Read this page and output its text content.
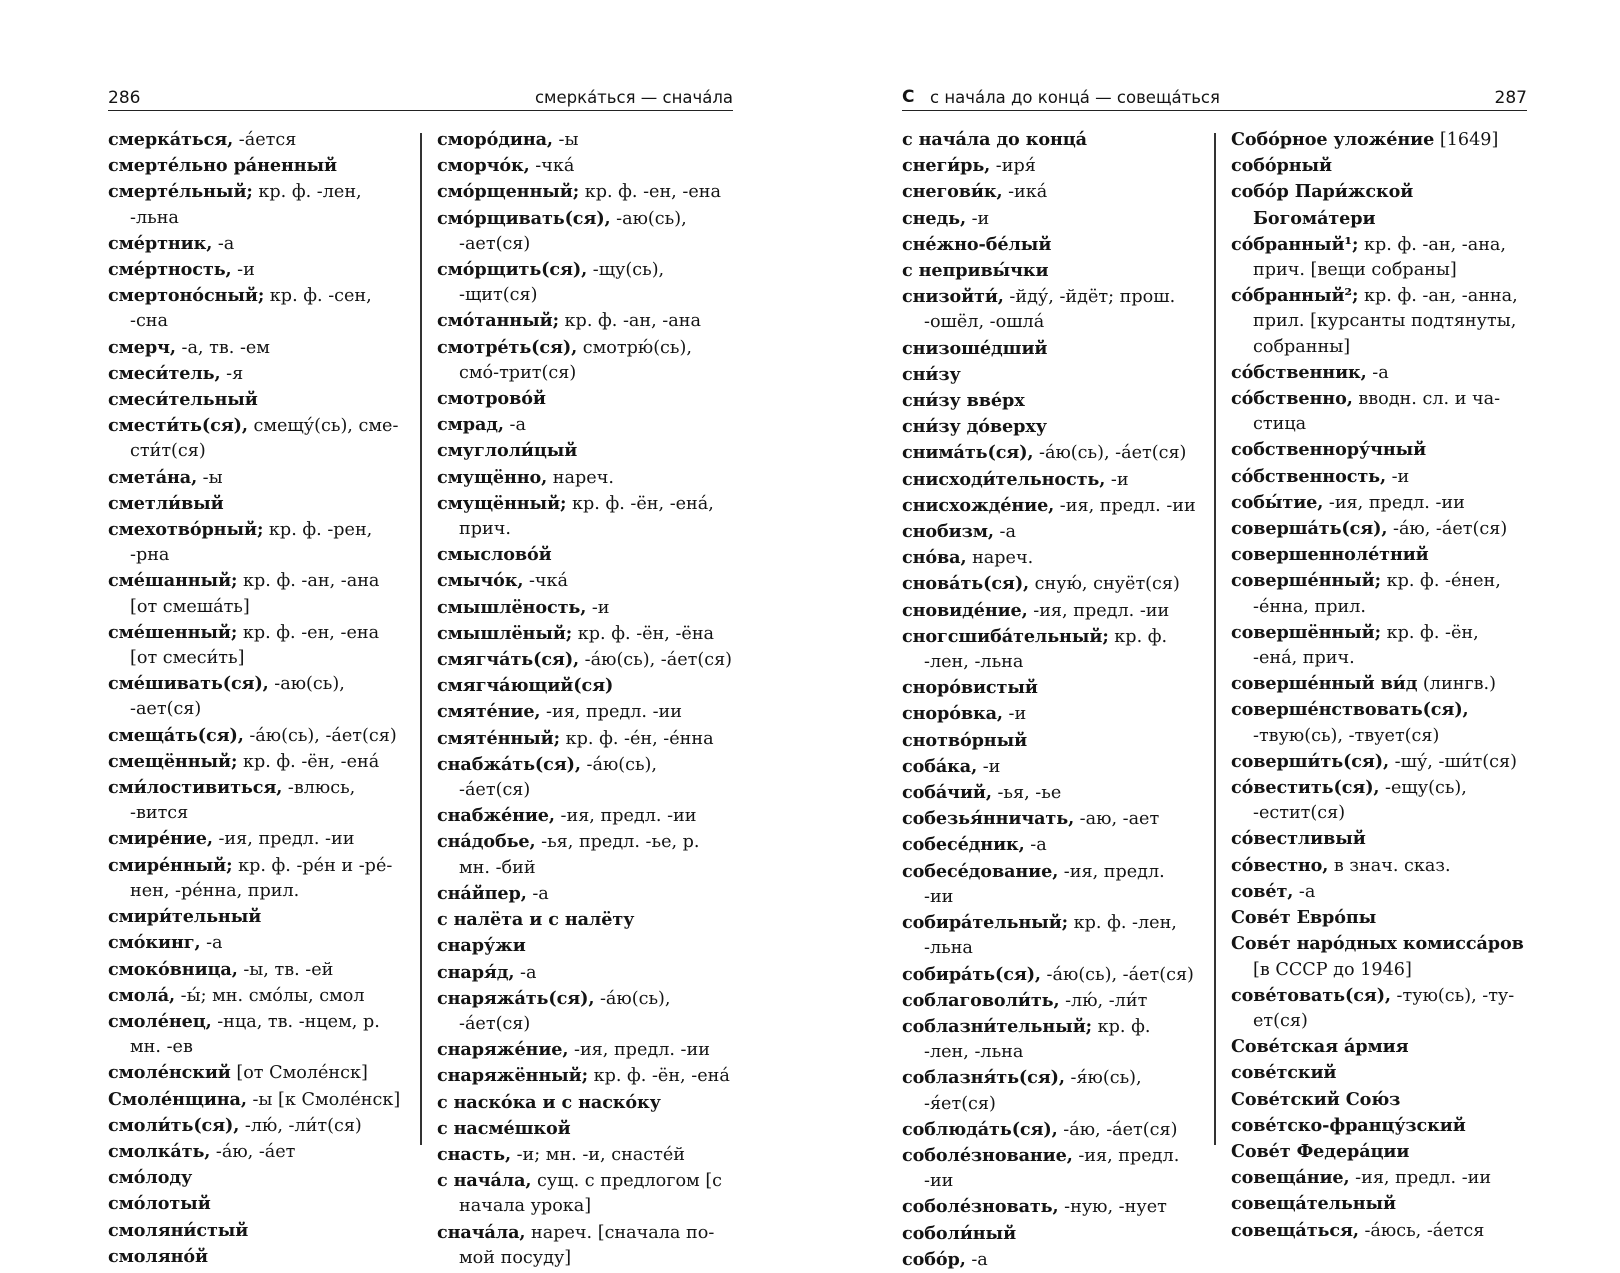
286	смерка́ться — снача́ла
смерка́ться, -а́ется
смерте́льно ра́ненный
смерте́льный; кр. ф. -лен, -льна
сме́ртник, -а
сме́ртность, -и
смертоно́сный; кр. ф. -сен, -сна
смерч, -а, тв. -ем
смеси́тель, -я
смеси́тельный
смести́ть(ся), смещу́(сь), сме-сти́т(ся)
смета́на, -ы
сметли́вый
смехотво́рный; кр. ф. -рен, -рна
сме́шанный; кр. ф. -ан, -ана [от смеша́ть]
сме́шенный; кр. ф. -ен, -ена [от смеси́ть]
сме́шивать(ся), -аю(сь), -ает(ся)
смеща́ть(ся), -а́ю(сь), -а́ет(ся)
смещённый; кр. ф. -ён, -ена́
сми́лостивиться, -влюсь, -вится
смире́ние, -ия, предл. -ии
смире́нный; кр. ф. -ре́н и -ре́-нен, -ре́нна, прил.
смири́тельный
смо́кинг, -а
смоко́вница, -ы, тв. -ей
смола́, -ы́; мн. смо́лы, смол
смоле́нец, -нца, тв. -нцем, р. мн. -ев
смоле́нский [от Смоле́нск]
Смоле́нщина, -ы [к Смоле́нск]
смоли́ть(ся), -лю́, -ли́т(ся)
смолка́ть, -а́ю, -а́ет
смо́лоду
смо́лотый
смоляни́стый
смоляно́й
сморо́дина, -ы
сморчо́к, -чка́
смо́рщенный; кр. ф. -ен, -ена
смо́рщивать(ся), -аю(сь), -ает(ся)
смо́рщить(ся), -щу(сь), -щит(ся)
смо́танный; кр. ф. -ан, -ана
смотре́ть(ся), смотрю́(сь), смо́-трит(ся)
смотрово́й
смрад, -а
смуглоли́цый
смущённо, нареч.
смущённый; кр. ф. -ён, -ена́, прич.
смыслово́й
смычо́к, -чка́
смышлёность, -и
смышлёный; кр. ф. -ён, -ёна
смягча́ть(ся), -а́ю(сь), -а́ет(ся)
смягча́ющий(ся)
смяте́ние, -ия, предл. -ии
смяте́нный; кр. ф. -е́н, -е́нна
снабжа́ть(ся), -а́ю(сь), -а́ет(ся)
снабже́ние, -ия, предл. -ии
сна́добье, -ья, предл. -ье, р. мн. -бий
сна́йпер, -а
с налёта и с налёту
снару́жи
снаря́д, -а
снаряжа́ть(ся), -а́ю(сь), -а́ет(ся)
снаряже́ние, -ия, предл. -ии
снаряжённый; кр. ф. -ён, -ена́
с наско́ка и с наско́ку
с насме́шкой
снасть, -и; мн. -и, снасте́й
с нача́ла, сущ. с предлогом [с начала урока]
снача́ла, нареч. [сначала по-мой посуду]
С с нача́ла до конца́ — совеща́ться	287
с нача́ла до конца́
снеги́рь, -иря́
снегови́к, -ика́
снедь, -и
сне́жно-бе́лый
с непривы́чки
снизойти́, -йду́, -йдёт; прош. -ошёл, -ошла́
снизоше́дший
сни́зу
сни́зу вве́рх
сни́зу до́верху
снима́ть(ся), -а́ю(сь), -а́ет(ся)
снисходи́тельность, -и
снисхожде́ние, -ия, предл. -ии
снобизм, -а
сно́ва, нареч.
снова́ть(ся), сную́, снуёт(ся)
сновиде́ние, -ия, предл. -ии
сногсшиба́тельный; кр. ф. -лен, -льна
сноро́вистый
сноро́вка, -и
снотво́рный
соба́ка, -и
соба́чий, -ья, -ье
собезья́нничать, -аю, -ает
собесе́дник, -а
собесе́дование, -ия, предл. -ии
собира́тельный; кр. ф. -лен, -льна
собира́ть(ся), -а́ю(сь), -а́ет(ся)
соблаговоли́ть, -лю́, -ли́т
соблазни́тельный; кр. ф. -лен, -льна
соблазня́ть(ся), -я́ю(сь), -я́ет(ся)
соблюда́ть(ся), -а́ю, -а́ет(ся)
соболе́знование, -ия, предл. -ии
соболе́зновать, -ную, -нует
соболи́ный
собо́р, -а
Собо́рное уложе́ние [1649]
собо́рный
собо́р Пари́жской Богома́тери
со́бранный¹; кр. ф. -ан, -ана, прич. [вещи собраны]
со́бранный²; кр. ф. -ан, -анна, прил. [курсанты подтянуты, собранны]
со́бственник, -а
со́бственно, вводн. сл. и ча-стица
собственнору́чный
со́бственность, -и
собы́тие, -ия, предл. -ии
соверша́ть(ся), -а́ю, -а́ет(ся)
совершенноле́тний
соверше́нный; кр. ф. -е́нен, -е́нна, прил.
совершённый; кр. ф. -ён, -ена́, прич.
соверше́нный ви́д (лингв.)
соверше́нствовать(ся), -твую(сь), -твует(ся)
соверши́ть(ся), -шу́, -ши́т(ся)
со́вестить(ся), -ещу(сь), -естит(ся)
со́вестливый
со́вестно, в знач. сказ.
сове́т, -а
Сове́т Евро́пы
Сове́т наро́дных комисса́ров [в СССР до 1946]
сове́товать(ся), -тую(сь), -ту-ет(ся)
Сове́тская а́рмия
сове́тский
Сове́тский Сою́з
сове́тско-францу́зский
Сове́т Федера́ции
совеща́ние, -ия, предл. -ии
совеща́тельный
совеща́ться, -а́юсь, -а́ется
